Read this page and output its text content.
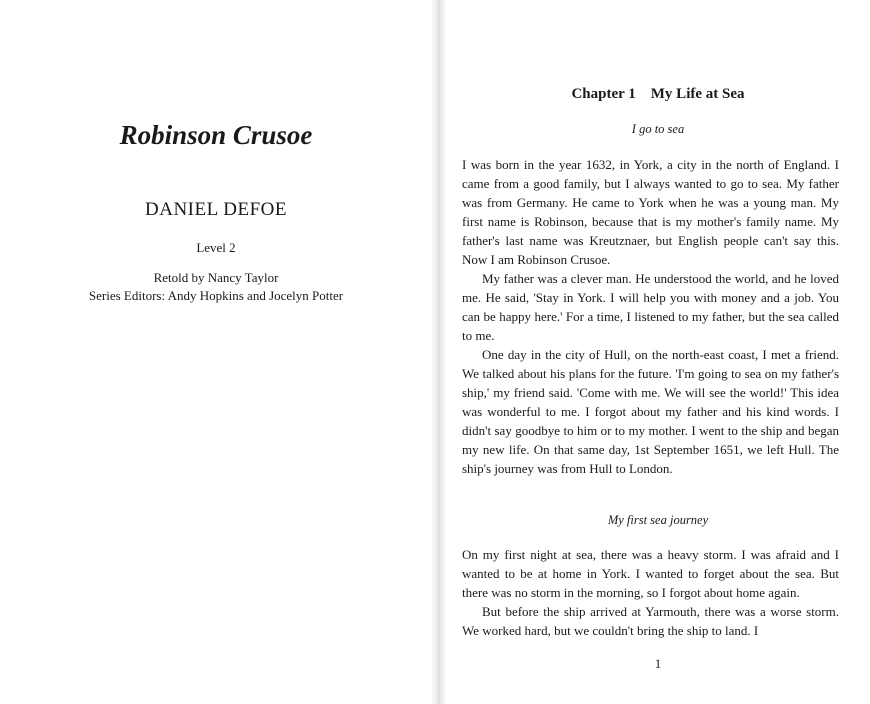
Robinson Crusoe
DANIEL DEFOE
Level 2
Retold by Nancy Taylor
Series Editors: Andy Hopkins and Jocelyn Potter
Chapter 1    My Life at Sea
I go to sea

I was born in the year 1632, in York, a city in the north of England. I came from a good family, but I always wanted to go to sea. My father was from Germany. He came to York when he was a young man. My first name is Robinson, because that is my mother's family name. My father's last name was Kreutznaer, but English people can't say this. Now I am Robinson Crusoe.

My father was a clever man. He understood the world, and he loved me. He said, 'Stay in York. I will help you with money and a job. You can be happy here.' For a time, I listened to my father, but the sea called to me.

One day in the city of Hull, on the north-east coast, I met a friend. We talked about his plans for the future. 'I'm going to sea on my father's ship,' my friend said. 'Come with me. We will see the world!' This idea was wonderful to me. I forgot about my father and his kind words. I didn't say goodbye to him or to my mother. I went to the ship and began my new life. On that same day, 1st September 1651, we left Hull. The ship's journey was from Hull to London.

My first sea journey

On my first night at sea, there was a heavy storm. I was afraid and I wanted to be at home in York. I wanted to forget about the sea. But there was no storm in the morning, so I forgot about home again.

But before the ship arrived at Yarmouth, there was a worse storm. We worked hard, but we couldn't bring the ship to land. I

1
